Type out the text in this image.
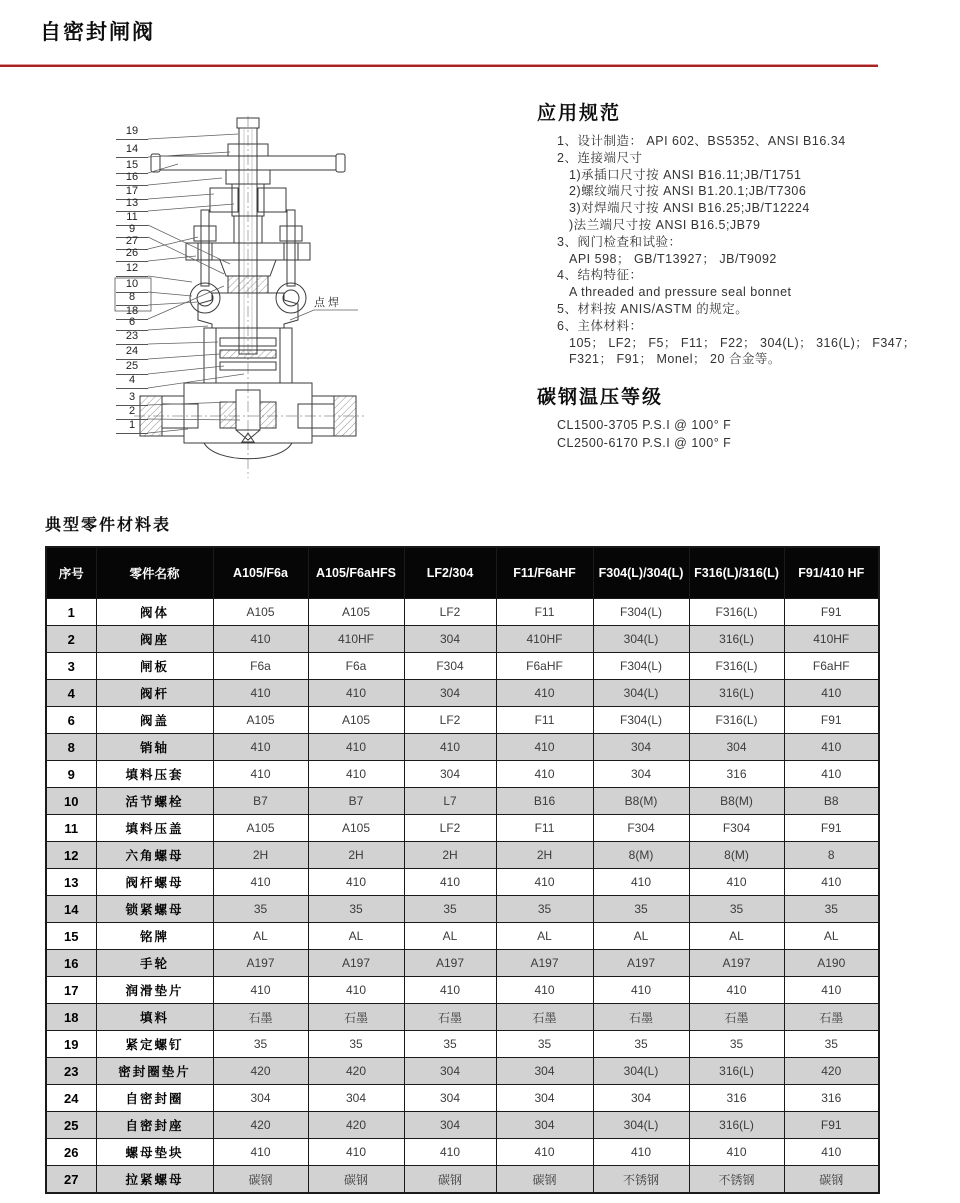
自密封闸阀
19
14
15
16
17
13
11
9
27
26
12
10
8
18
6
23
24
25
4
3
2
1
点焊
应用规范
1、设计制造： API 602、BS5352、ANSI B16.34
2、连接端尺寸
1)承插口尺寸按 ANSI B16.11;JB/T1751
2)螺纹端尺寸按 ANSI B1.20.1;JB/T7306
3)对焊端尺寸按 ANSI B16.25;JB/T12224
)法兰端尺寸按 ANSI B16.5;JB79
3、阀门检查和试验：
API 598； GB/T13927； JB/T9092
4、结构特征：
A threaded and pressure seal bonnet
5、材料按 ANIS/ASTM 的规定。
6、主体材料：
105； LF2； F5； F11； F22； 304(L)； 316(L)； F347；
F321； F91； Monel； 20 合金等。
碳钢温压等级
CL1500-3705 P.S.I @ 100° F
CL2500-6170 P.S.I @ 100° F
典型零件材料表
序号	零件名称	A105/F6a	A105/F6aHFS	LF2/304	F11/F6aHF	F304(L)/304(L)	F316(L)/316(L)	F91/410 HF
1	阀体	A105	A105	LF2	F11	F304(L)	F316(L)	F91
2	阀座	410	410HF	304	410HF	304(L)	316(L)	410HF
3	闸板	F6a	F6a	F304	F6aHF	F304(L)	F316(L)	F6aHF
4	阀杆	410	410	304	410	304(L)	316(L)	410
6	阀盖	A105	A105	LF2	F11	F304(L)	F316(L)	F91
8	销轴	410	410	410	410	304	304	410
9	填料压套	410	410	304	410	304	316	410
10	活节螺栓	B7	B7	L7	B16	B8(M)	B8(M)	B8
11	填料压盖	A105	A105	LF2	F11	F304	F304	F91
12	六角螺母	2H	2H	2H	2H	8(M)	8(M)	8
13	阀杆螺母	410	410	410	410	410	410	410
14	锁紧螺母	35	35	35	35	35	35	35
15	铭牌	AL	AL	AL	AL	AL	AL	AL
16	手轮	A197	A197	A197	A197	A197	A197	A190
17	润滑垫片	410	410	410	410	410	410	410
18	填料	石墨	石墨	石墨	石墨	石墨	石墨	石墨
19	紧定螺钉	35	35	35	35	35	35	35
23	密封圈垫片	420	420	304	304	304(L)	316(L)	420
24	自密封圈	304	304	304	304	304	316	316
25	自密封座	420	420	304	304	304(L)	316(L)	F91
26	螺母垫块	410	410	410	410	410	410	410
27	拉紧螺母	碳钢	碳钢	碳钢	碳钢	不锈钢	不锈钢	碳钢
